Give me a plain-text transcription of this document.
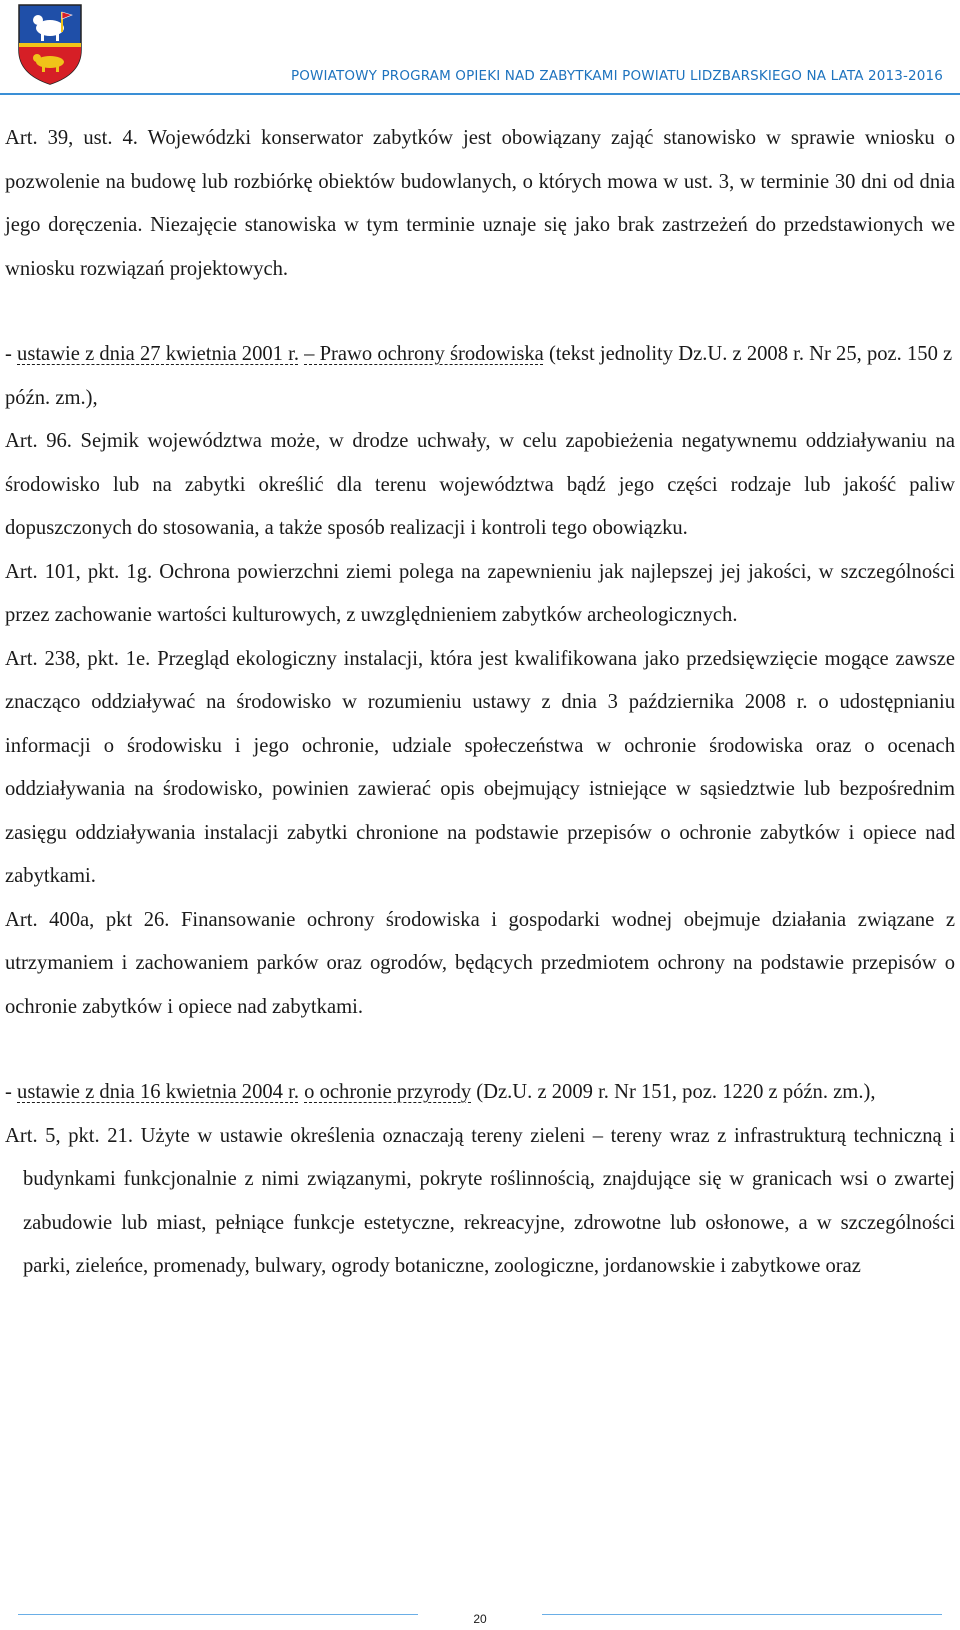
POWIATOWY PROGRAM OPIEKI NAD ZABYTKAMI POWIATU LIDZBARSKIEGO NA LATA 2013-2016

Art. 39, ust. 4. Wojewódzki konserwator zabytków jest obowiązany zająć stanowisko w sprawie wniosku o pozwolenie na budowę lub rozbiórkę obiektów budowlanych, o których mowa w ust. 3, w terminie 30 dni od dnia jego doręczenia. Niezajęcie stanowiska w tym terminie uznaje się jako brak zastrzeżeń do przedstawionych we wniosku rozwiązań projektowych.

- ustawie z dnia 27 kwietnia 2001 r. – Prawo ochrony środowiska (tekst jednolity Dz.U. z 2008 r. Nr 25, poz. 150 z późn. zm.),

Art. 96. Sejmik województwa może, w drodze uchwały, w celu zapobieżenia negatywnemu oddziaływaniu na środowisko lub na zabytki określić dla terenu województwa bądź jego części rodzaje lub jakość paliw dopuszczonych do stosowania, a także sposób realizacji i kontroli tego obowiązku.

Art. 101, pkt. 1g. Ochrona powierzchni ziemi polega na zapewnieniu jak najlepszej jej jakości, w szczególności przez zachowanie wartości kulturowych, z uwzględnieniem zabytków archeologicznych.

Art. 238, pkt. 1e. Przegląd ekologiczny instalacji, która jest kwalifikowana jako przedsięwzięcie mogące zawsze znacząco oddziaływać na środowisko w rozumieniu ustawy z dnia 3 października 2008 r. o udostępnianiu informacji o środowisku i jego ochronie, udziale społeczeństwa w ochronie środowiska oraz o ocenach oddziaływania na środowisko, powinien zawierać opis obejmujący istniejące w sąsiedztwie lub bezpośrednim zasięgu oddziaływania instalacji zabytki chronione na podstawie przepisów o ochronie zabytków i opiece nad zabytkami.

Art. 400a, pkt 26. Finansowanie ochrony środowiska i gospodarki wodnej obejmuje działania związane z utrzymaniem i zachowaniem parków oraz ogrodów, będących przedmiotem ochrony na podstawie przepisów o ochronie zabytków i opiece nad zabytkami.

- ustawie z dnia 16 kwietnia 2004 r. o ochronie przyrody (Dz.U. z 2009 r. Nr 151, poz. 1220 z późn. zm.),

Art. 5, pkt. 21. Użyte w ustawie określenia oznaczają tereny zieleni – tereny wraz z infrastrukturą techniczną i budynkami funkcjonalnie z nimi związanymi, pokryte roślinnością, znajdujące się w granicach wsi o zwartej zabudowie lub miast, pełniące funkcje estetyczne, rekreacyjne, zdrowotne lub osłonowe, a w szczególności parki, zieleńce, promenady, bulwary, ogrody botaniczne, zoologiczne, jordanowskie i zabytkowe oraz

20
